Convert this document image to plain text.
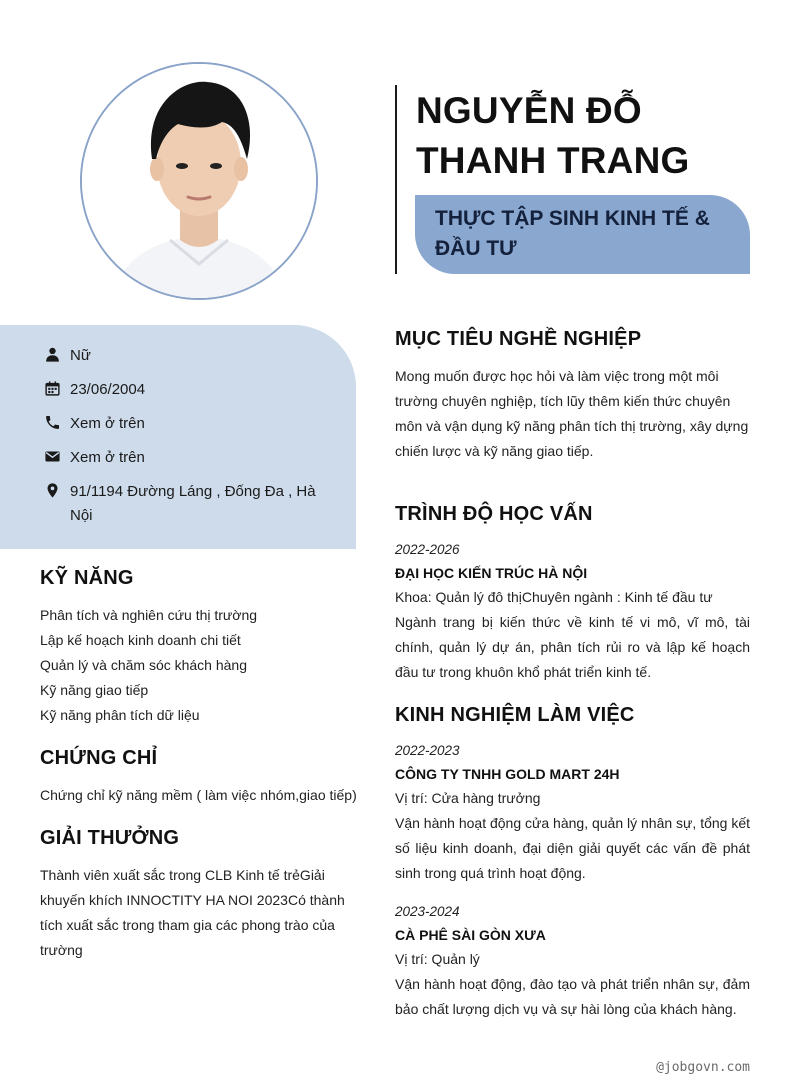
NGUYỄN ĐỖ
THANH TRANG
THỰC TẬP SINH KINH TẾ & ĐẦU TƯ
Nữ
23/06/2004
Xem ở trên
Xem ở trên
91/1194 Đường Láng , Đống Đa , Hà Nội
KỸ NĂNG
Phân tích và nghiên cứu thị trường
Lập kế hoạch kinh doanh chi tiết
Quản lý và chăm sóc khách hàng
Kỹ năng giao tiếp
Kỹ năng phân tích dữ liệu
CHỨNG CHỈ

Chứng chỉ kỹ năng mềm ( làm việc nhóm,giao tiếp)

GIẢI THƯỞNG

Thành viên xuất sắc trong CLB Kinh tế trẻGiải khuyến khích INNOCTITY HA NOI 2023Có thành tích xuất sắc trong tham gia các phong trào của trường

MỤC TIÊU NGHỀ NGHIỆP

Mong muốn được học hỏi và làm việc trong một môi trường chuyên nghiệp, tích lũy thêm kiến thức chuyên môn và vận dụng kỹ năng phân tích thị trường, xây dựng chiến lược và kỹ năng giao tiếp.

TRÌNH ĐỘ HỌC VẤN
2022-2026
ĐẠI HỌC KIẾN TRÚC HÀ NỘI

Khoa: Quản lý đô thịChuyên ngành : Kinh tế đầu tư

Ngành trang bị kiến thức về kinh tế vi mô, vĩ mô, tài chính, quản lý dự án, phân tích rủi ro và lập kế hoạch đầu tư trong khuôn khổ phát triển kinh tế.

KINH NGHIỆM LÀM VIỆC
2022-2023
CÔNG TY TNHH GOLD MART 24H

Vị trí: Cửa hàng trưởng

Vận hành hoạt động cửa hàng, quản lý nhân sự, tổng kết số liệu kinh doanh, đại diện giải quyết các vấn đề phát sinh trong quá trình hoạt động.

2023-2024
CÀ PHÊ SÀI GÒN XƯA

Vị trí: Quản lý

Vận hành hoạt động, đào tạo và phát triển nhân sự, đảm bảo chất lượng dịch vụ và sự hài lòng của khách hàng.

@jobgovn.com
